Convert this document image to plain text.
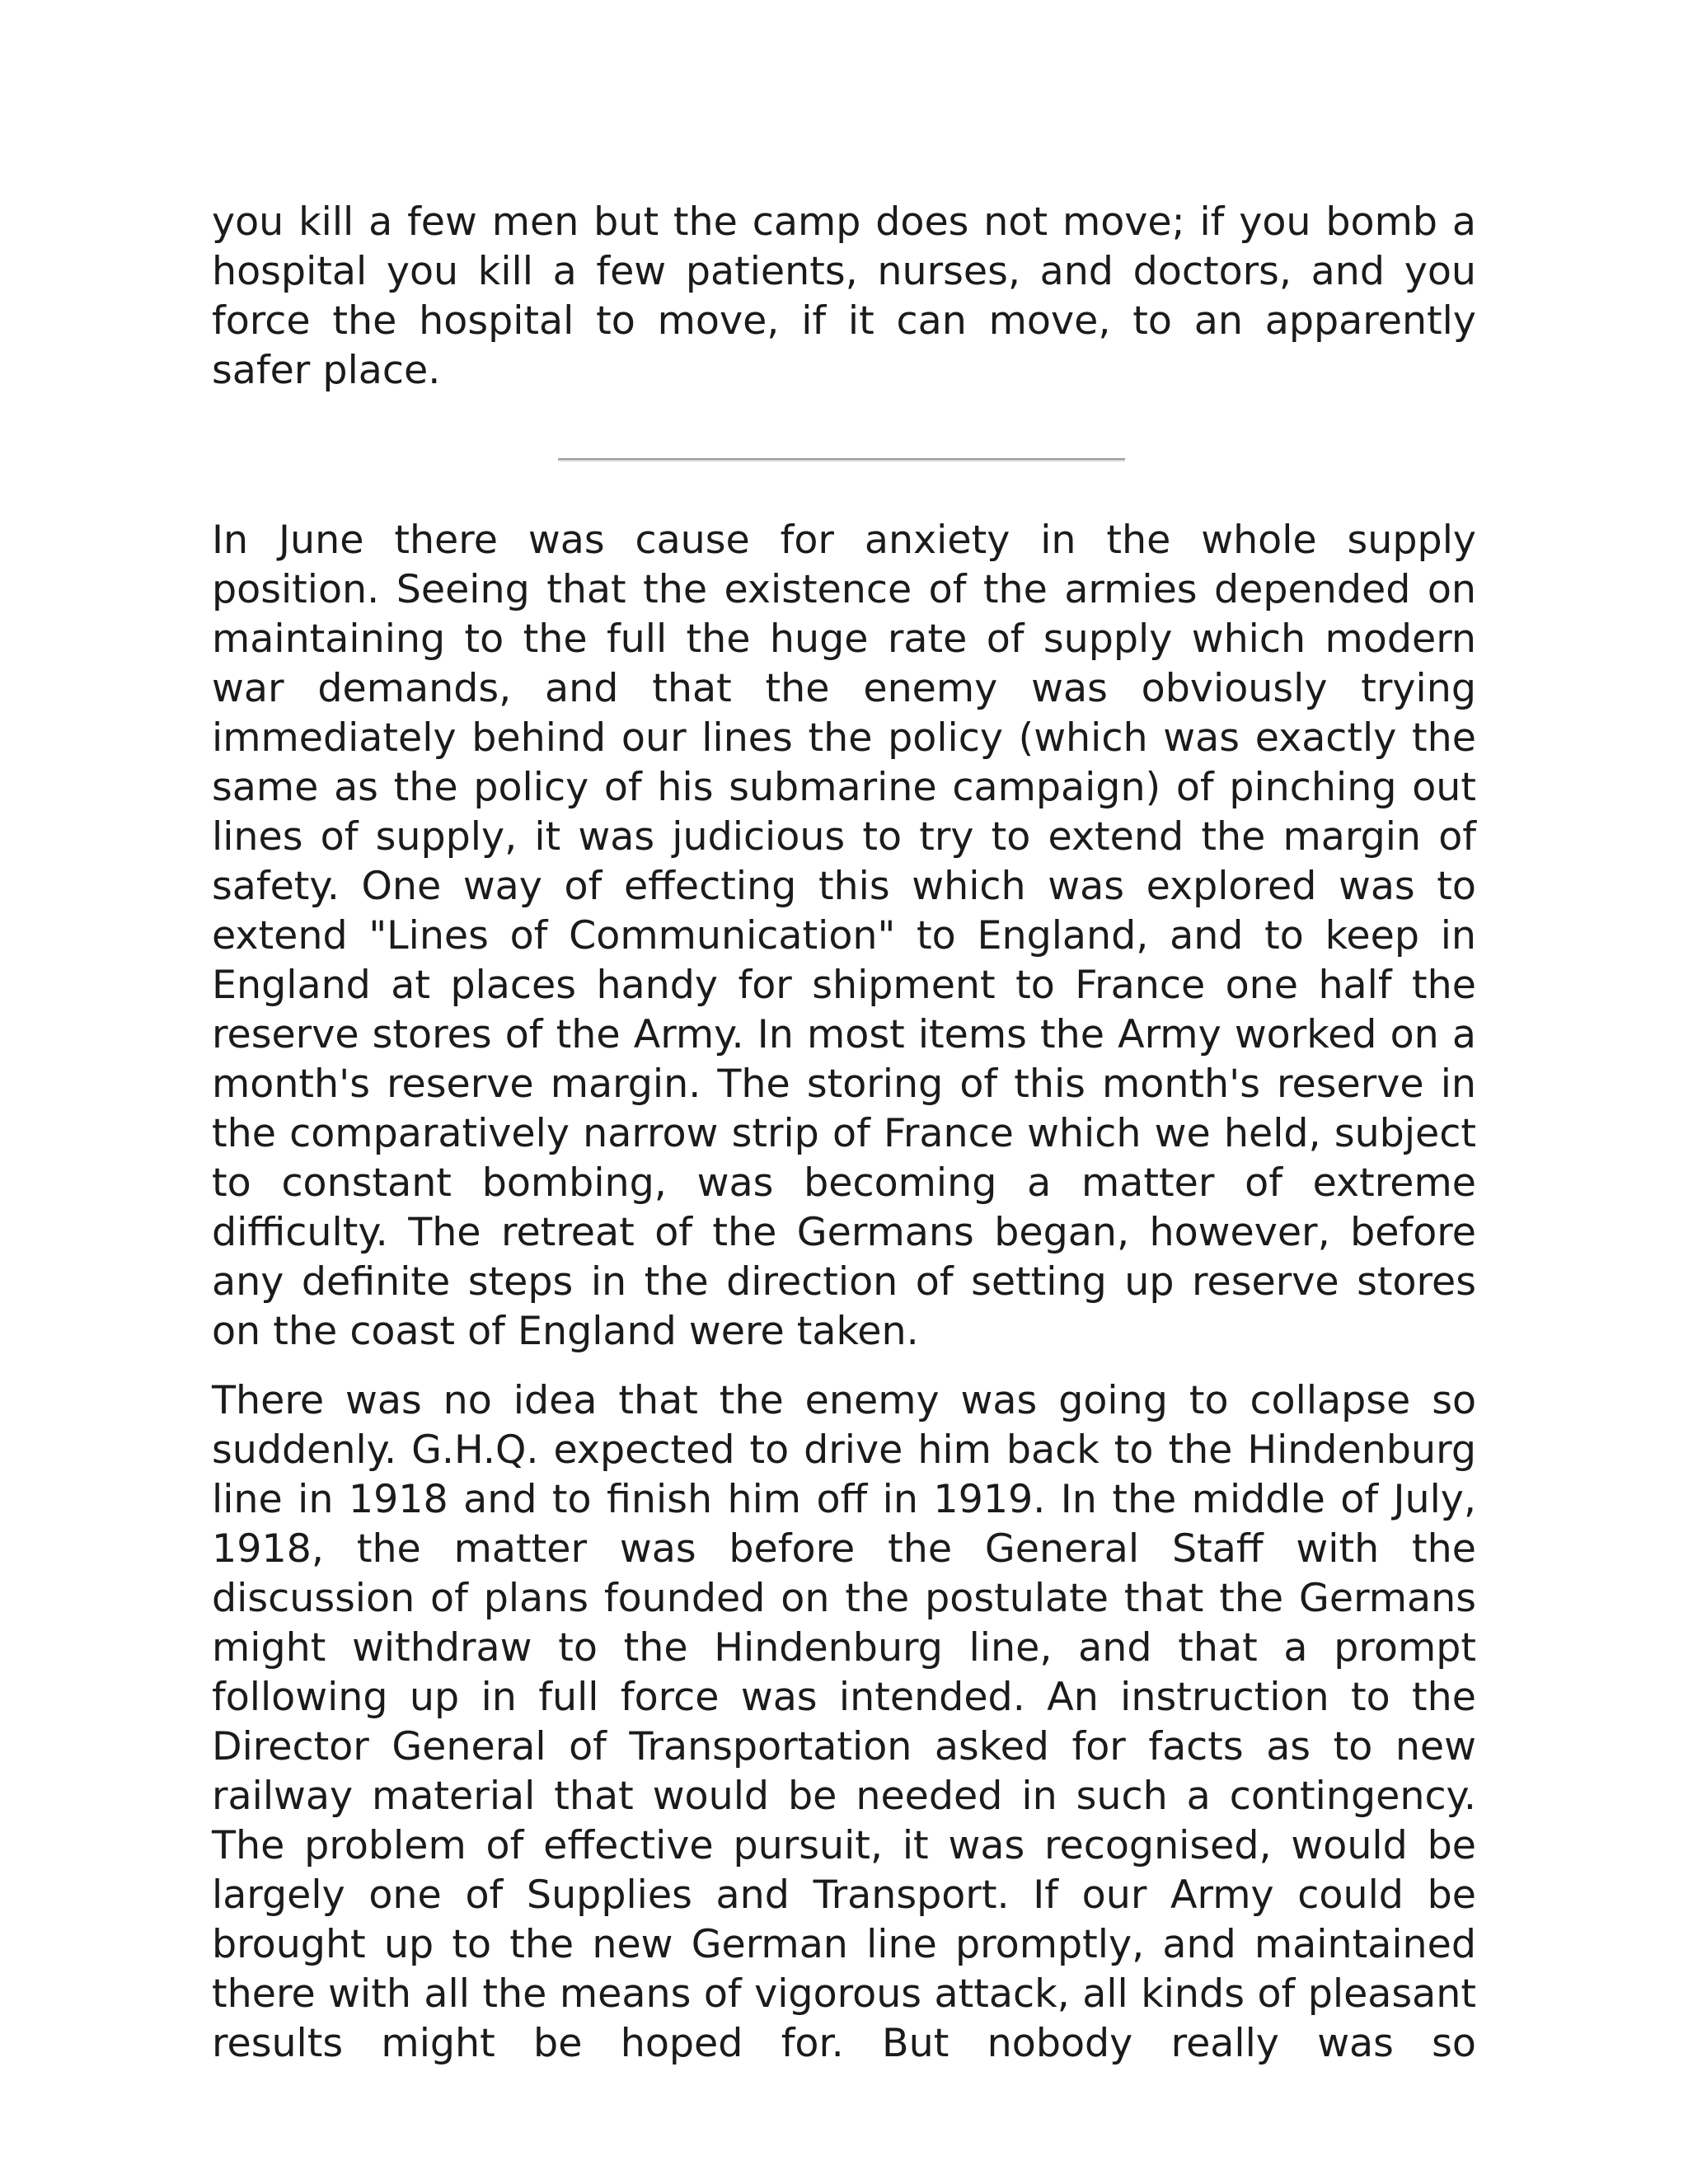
you kill a few men but the camp does not move; if you bomb a hospital you kill a few patients, nurses, and doctors, and you force the hospital to move, if it can move, to an apparently safer place.

In June there was cause for anxiety in the whole supply position. Seeing that the existence of the armies depended on maintaining to the full the huge rate of supply which modern war demands, and that the enemy was obviously trying immediately behind our lines the policy (which was exactly the same as the policy of his submarine campaign) of pinching out lines of supply, it was judicious to try to extend the margin of safety. One way of effecting this which was explored was to extend "Lines of Communication" to England, and to keep in England at places handy for shipment to France one half the reserve stores of the Army. In most items the Army worked on a month's reserve margin. The storing of this month's reserve in the comparatively narrow strip of France which we held, subject to constant bombing, was becoming a matter of extreme difficulty. The retreat of the Germans began, however, before any definite steps in the direction of setting up reserve stores on the coast of England were taken.

There was no idea that the enemy was going to collapse so suddenly. G.H.Q. expected to drive him back to the Hindenburg line in 1918 and to finish him off in 1919. In the middle of July, 1918, the matter was before the General Staff with the discussion of plans founded on the postulate that the Germans might withdraw to the Hindenburg line, and that a prompt following up in full force was intended. An instruction to the Director General of Transportation asked for facts as to new railway material that would be needed in such a contingency. The problem of effective pursuit, it was recognised, would be largely one of Supplies and Transport. If our Army could be brought up to the new German line promptly, and maintained there with all the means of vigorous attack, all kinds of pleasant results might be hoped for. But nobody really was so
